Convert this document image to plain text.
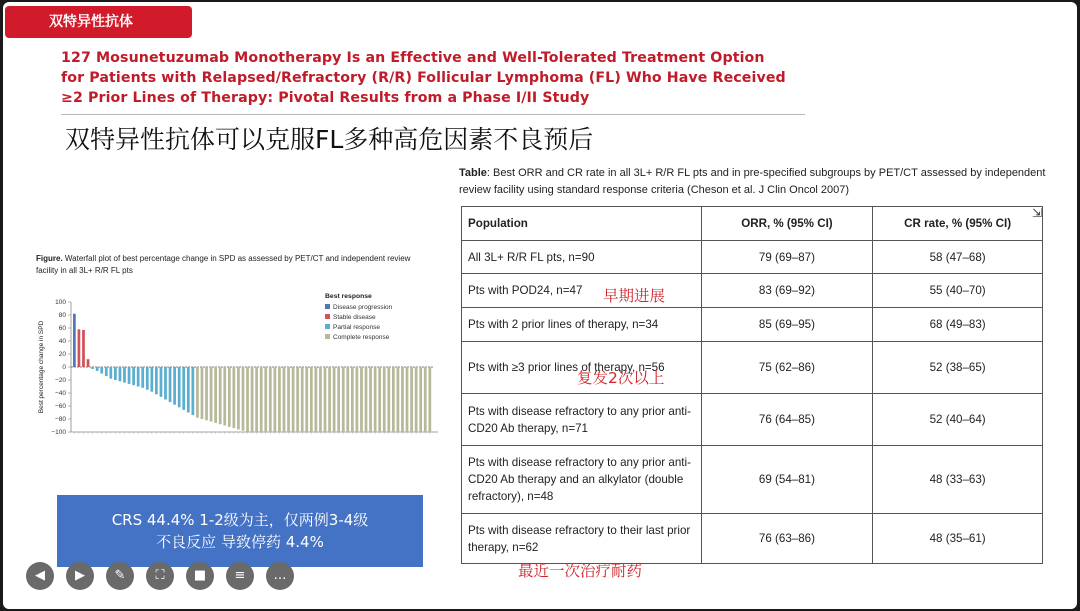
双特异性抗体
127 Mosunetuzumab Monotherapy Is an Effective and Well-Tolerated Treatment Option
for Patients with Relapsed/Refractory (R/R) Follicular Lymphoma (FL) Who Have Received
≥2 Prior Lines of Therapy: Pivotal Results from a Phase I/II Study
双特异性抗体可以克服FL多种高危因素不良预后
Table: Best ORR and CR rate in all 3L+ R/R FL pts and in pre-specified subgroups by PET/CT assessed by independent review facility using standard response criteria (Cheson et al. J Clin Oncol 2007)
Population	ORR, % (95% CI)	CR rate, % (95% CI)
All 3L+ R/R FL pts, n=90	79 (69–87)	58 (47–68)
Pts with POD24, n=47	83 (69–92)	55 (40–70)
Pts with 2 prior lines of therapy, n=34	85 (69–95)	68 (49–83)
Pts with ≥3 prior lines of therapy, n=56	75 (62–86)	52 (38–65)
Pts with disease refractory to any prior anti-CD20 Ab therapy, n=71	76 (64–85)	52 (40–64)
Pts with disease refractory to any prior anti-CD20 Ab therapy and an alkylator (double refractory), n=48	69 (54–81)	48 (33–63)
Pts with disease refractory to their last prior therapy, n=62	76 (63–86)	48 (35–61)
早期进展
复发2次以上
最近一次治疗耐药
Figure. Waterfall plot of best percentage change in SPD as assessed by PET/CT and independent review facility in all 3L+ R/R FL pts
Best percentage change in SPD
100
80
60
40
20
0
−20
−40
−60
−80
−100
Best response
Disease progression
Stable disease
Partial response
Complete response
CRS 44.4% 1-2级为主，仅两例3-4级
不良反应 导致停药 4.4%
⇲
◀	▶	✎	⛶	■	≡	…
